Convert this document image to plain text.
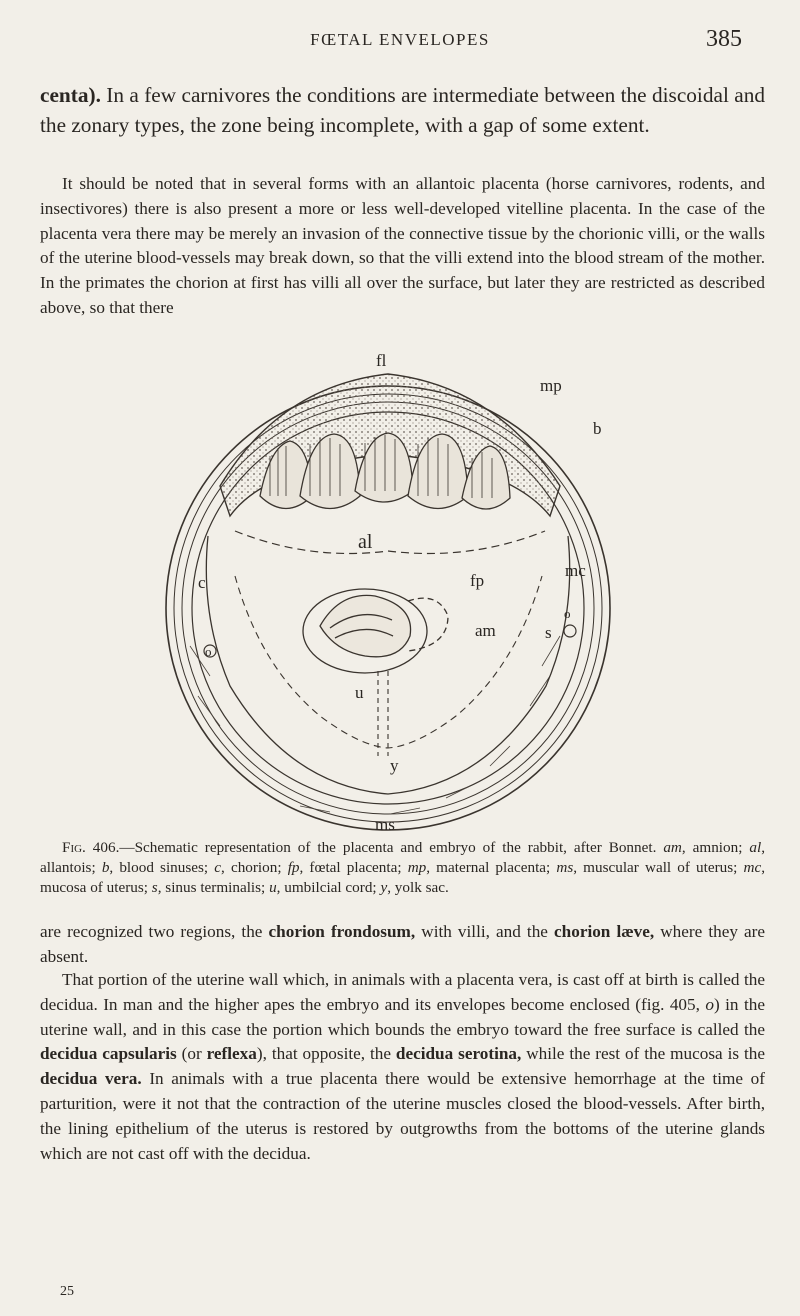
FŒTAL ENVELOPES	385

centa). In a few carnivores the conditions are intermediate between the discoidal and the zonary types, the zone being incomplete, with a gap of some extent.

It should be noted that in several forms with an allantoic placenta (horse carnivores, rodents, and insectivores) there is also present a more or less well-developed vitelline placenta. In the case of the placenta vera there may be merely an invasion of the connective tissue by the chorionic villi, or the walls of the uterine blood-vessels may break down, so that the villi extend into the blood stream of the mother. In the primates the chorion at first has villi all over the surface, but later they are restricted as described above, so that there

fl
mp
b
al
mc
fp
c
am	s
o
o
u
y
ms

Fig. 406.—Schematic representation of the placenta and embryo of the rabbit, after Bonnet. am, amnion; al, allantois; b, blood sinuses; c, chorion; fp, fœtal placenta; mp, maternal placenta; ms, muscular wall of uterus; mc, mucosa of uterus; s, sinus terminalis; u, umbilcial cord; y, yolk sac.

are recognized two regions, the chorion frondosum, with villi, and the chorion læve, where they are absent.

That portion of the uterine wall which, in animals with a placenta vera, is cast off at birth is called the decidua. In man and the higher apes the embryo and its envelopes become enclosed (fig. 405, o) in the uterine wall, and in this case the portion which bounds the embryo toward the free surface is called the decidua capsularis (or reflexa), that opposite, the decidua serotina, while the rest of the mucosa is the decidua vera. In animals with a true placenta there would be extensive hemorrhage at the time of parturition, were it not that the contraction of the uterine muscles closed the blood-vessels. After birth, the lining epithelium of the uterus is restored by outgrowths from the bottoms of the uterine glands which are not cast off with the decidua.

25
